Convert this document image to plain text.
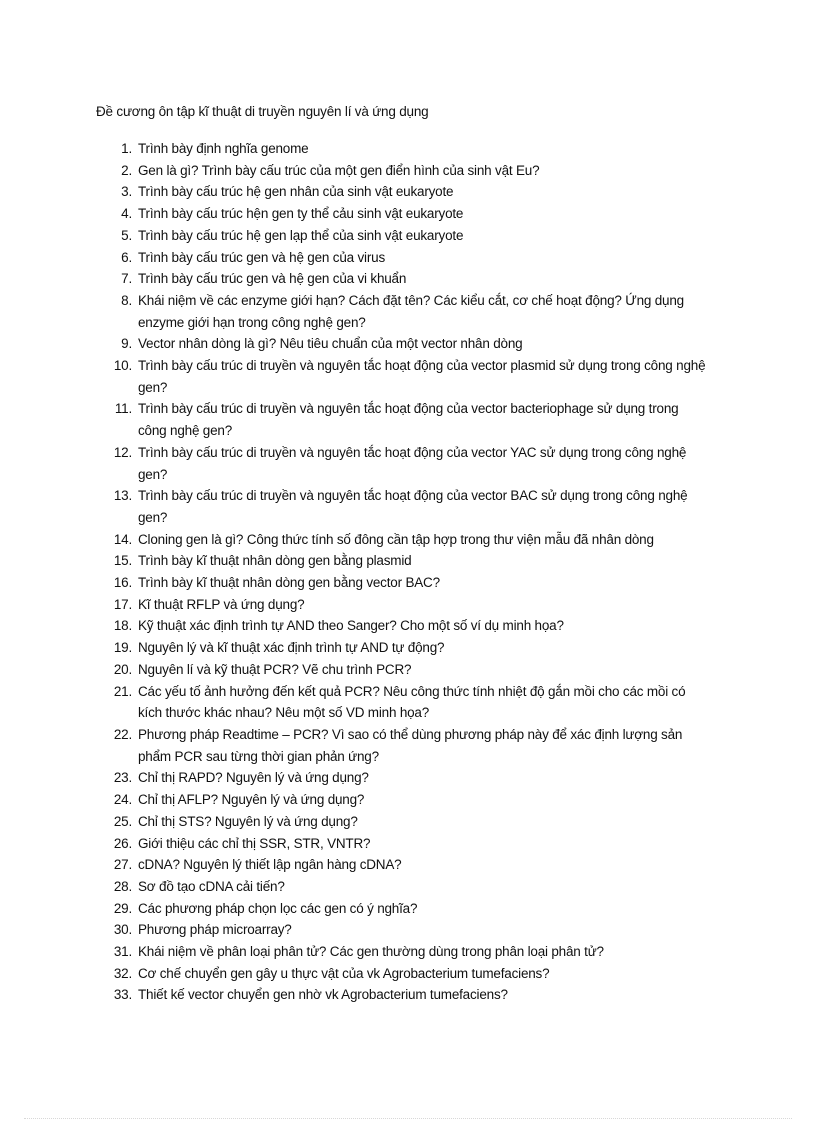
Đề cương ôn tập kĩ thuật di truyền nguyên lí và ứng dụng
1. Trình bày định nghĩa genome
2. Gen là gì? Trình bày cấu trúc của một gen điển hình của sinh vật Eu?
3. Trình bày cấu trúc hệ gen nhân của sinh vật eukaryote
4. Trình bày cấu trúc hện gen ty thể cảu sinh vật eukaryote
5. Trình bày cấu trúc hệ gen lạp thể của sinh vật eukaryote
6. Trình bày cấu trúc gen và hệ gen của virus
7. Trình bày cấu trúc gen và hệ gen của vi khuẩn
8. Khái niệm về các enzyme giới hạn? Cách đặt tên? Các kiểu cắt, cơ chế hoạt động? Ứng dụng enzyme giới hạn trong công nghệ gen?
9. Vector nhân dòng là gì? Nêu tiêu chuẩn của một vector nhân dòng
10. Trình bày cấu trúc di truyền và nguyên tắc hoạt động của vector plasmid sử dụng trong công nghệ gen?
11. Trình bày cấu trúc di truyền và nguyên tắc hoạt động của vector bacteriophage sử dụng trong công nghệ gen?
12. Trình bày cấu trúc di truyền và nguyên tắc hoạt động của vector YAC sử dụng trong công nghệ gen?
13. Trình bày cấu trúc di truyền và nguyên tắc hoạt động của vector BAC sử dụng trong công nghệ gen?
14. Cloning gen là gì? Công thức tính số đông cần tập hợp trong thư viện mẫu đã nhân dòng
15. Trình bày kĩ thuật nhân dòng gen bằng plasmid
16. Trình bày kĩ thuật nhân dòng gen bằng vector BAC?
17. Kĩ thuật RFLP và ứng dụng?
18. Kỹ thuật xác định trình tự AND theo Sanger? Cho một số ví dụ minh họa?
19. Nguyên lý và kĩ thuật xác định trình tự AND tự động?
20. Nguyên lí và kỹ thuật PCR? Vẽ chu trình PCR?
21. Các yếu tố ảnh hưởng đến kết quả PCR? Nêu công thức tính nhiệt độ gắn mồi cho các mồi có kích thước khác nhau? Nêu một số VD minh họa?
22. Phương pháp Readtime – PCR? Vì sao có thể dùng phương pháp này để xác định lượng sản phẩm PCR sau từng thời gian phản ứng?
23. Chỉ thị RAPD? Nguyên lý và ứng dụng?
24. Chỉ thị AFLP? Nguyên lý và ứng dụng?
25. Chỉ thị STS? Nguyên lý và ứng dụng?
26. Giới thiệu các chỉ thị SSR, STR, VNTR?
27. cDNA? Nguyên lý thiết lập ngân hàng cDNA?
28. Sơ đồ tạo cDNA cải tiến?
29. Các phương pháp chọn lọc các gen có ý nghĩa?
30. Phương pháp microarray?
31. Khái niệm về phân loại phân tử? Các gen thường dùng trong phân loại phân tử?
32. Cơ chế chuyển gen gây u thực vật của vk Agrobacterium tumefaciens?
33. Thiết kế vector chuyển gen nhờ vk Agrobacterium tumefaciens?
